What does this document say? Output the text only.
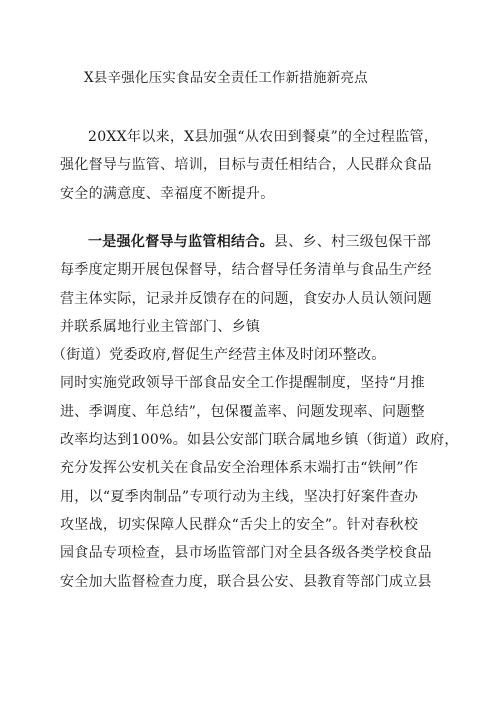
X县辛强化压实食品安全责任工作新措施新亮点
20XX年以来，X县加强“从农田到餐桌”的全过程监管，
强化督导与监管、培训，目标与责任相结合，人民群众食品
安全的满意度、幸福度不断提升。
一是强化督导与监管相结合。县、乡、村三级包保干部
每季度定期开展包保督导，结合督导任务清单与食品生产经
营主体实际，记录并反馈存在的问题，食安办人员认领问题
并联系属地行业主管部门、乡镇
（街道）党委政府,督促生产经营主体及时闭环整改。
同时实施党政领导干部食品安全工作提醒制度，坚持“月推
进、季调度、年总结”，包保覆盖率、问题发现率、问题整
改率均达到100%。如县公安部门联合属地乡镇（街道）政府，
充分发挥公安机关在食品安全治理体系末端打击“铁闸”作
用，以“夏季肉制品”专项行动为主线，坚决打好案件查办
攻坚战，切实保障人民群众“舌尖上的安全”。针对春秋校
园食品专项检查，县市场监管部门对全县各级各类学校食品
安全加大监督检查力度，联合县公安、县教育等部门成立县
